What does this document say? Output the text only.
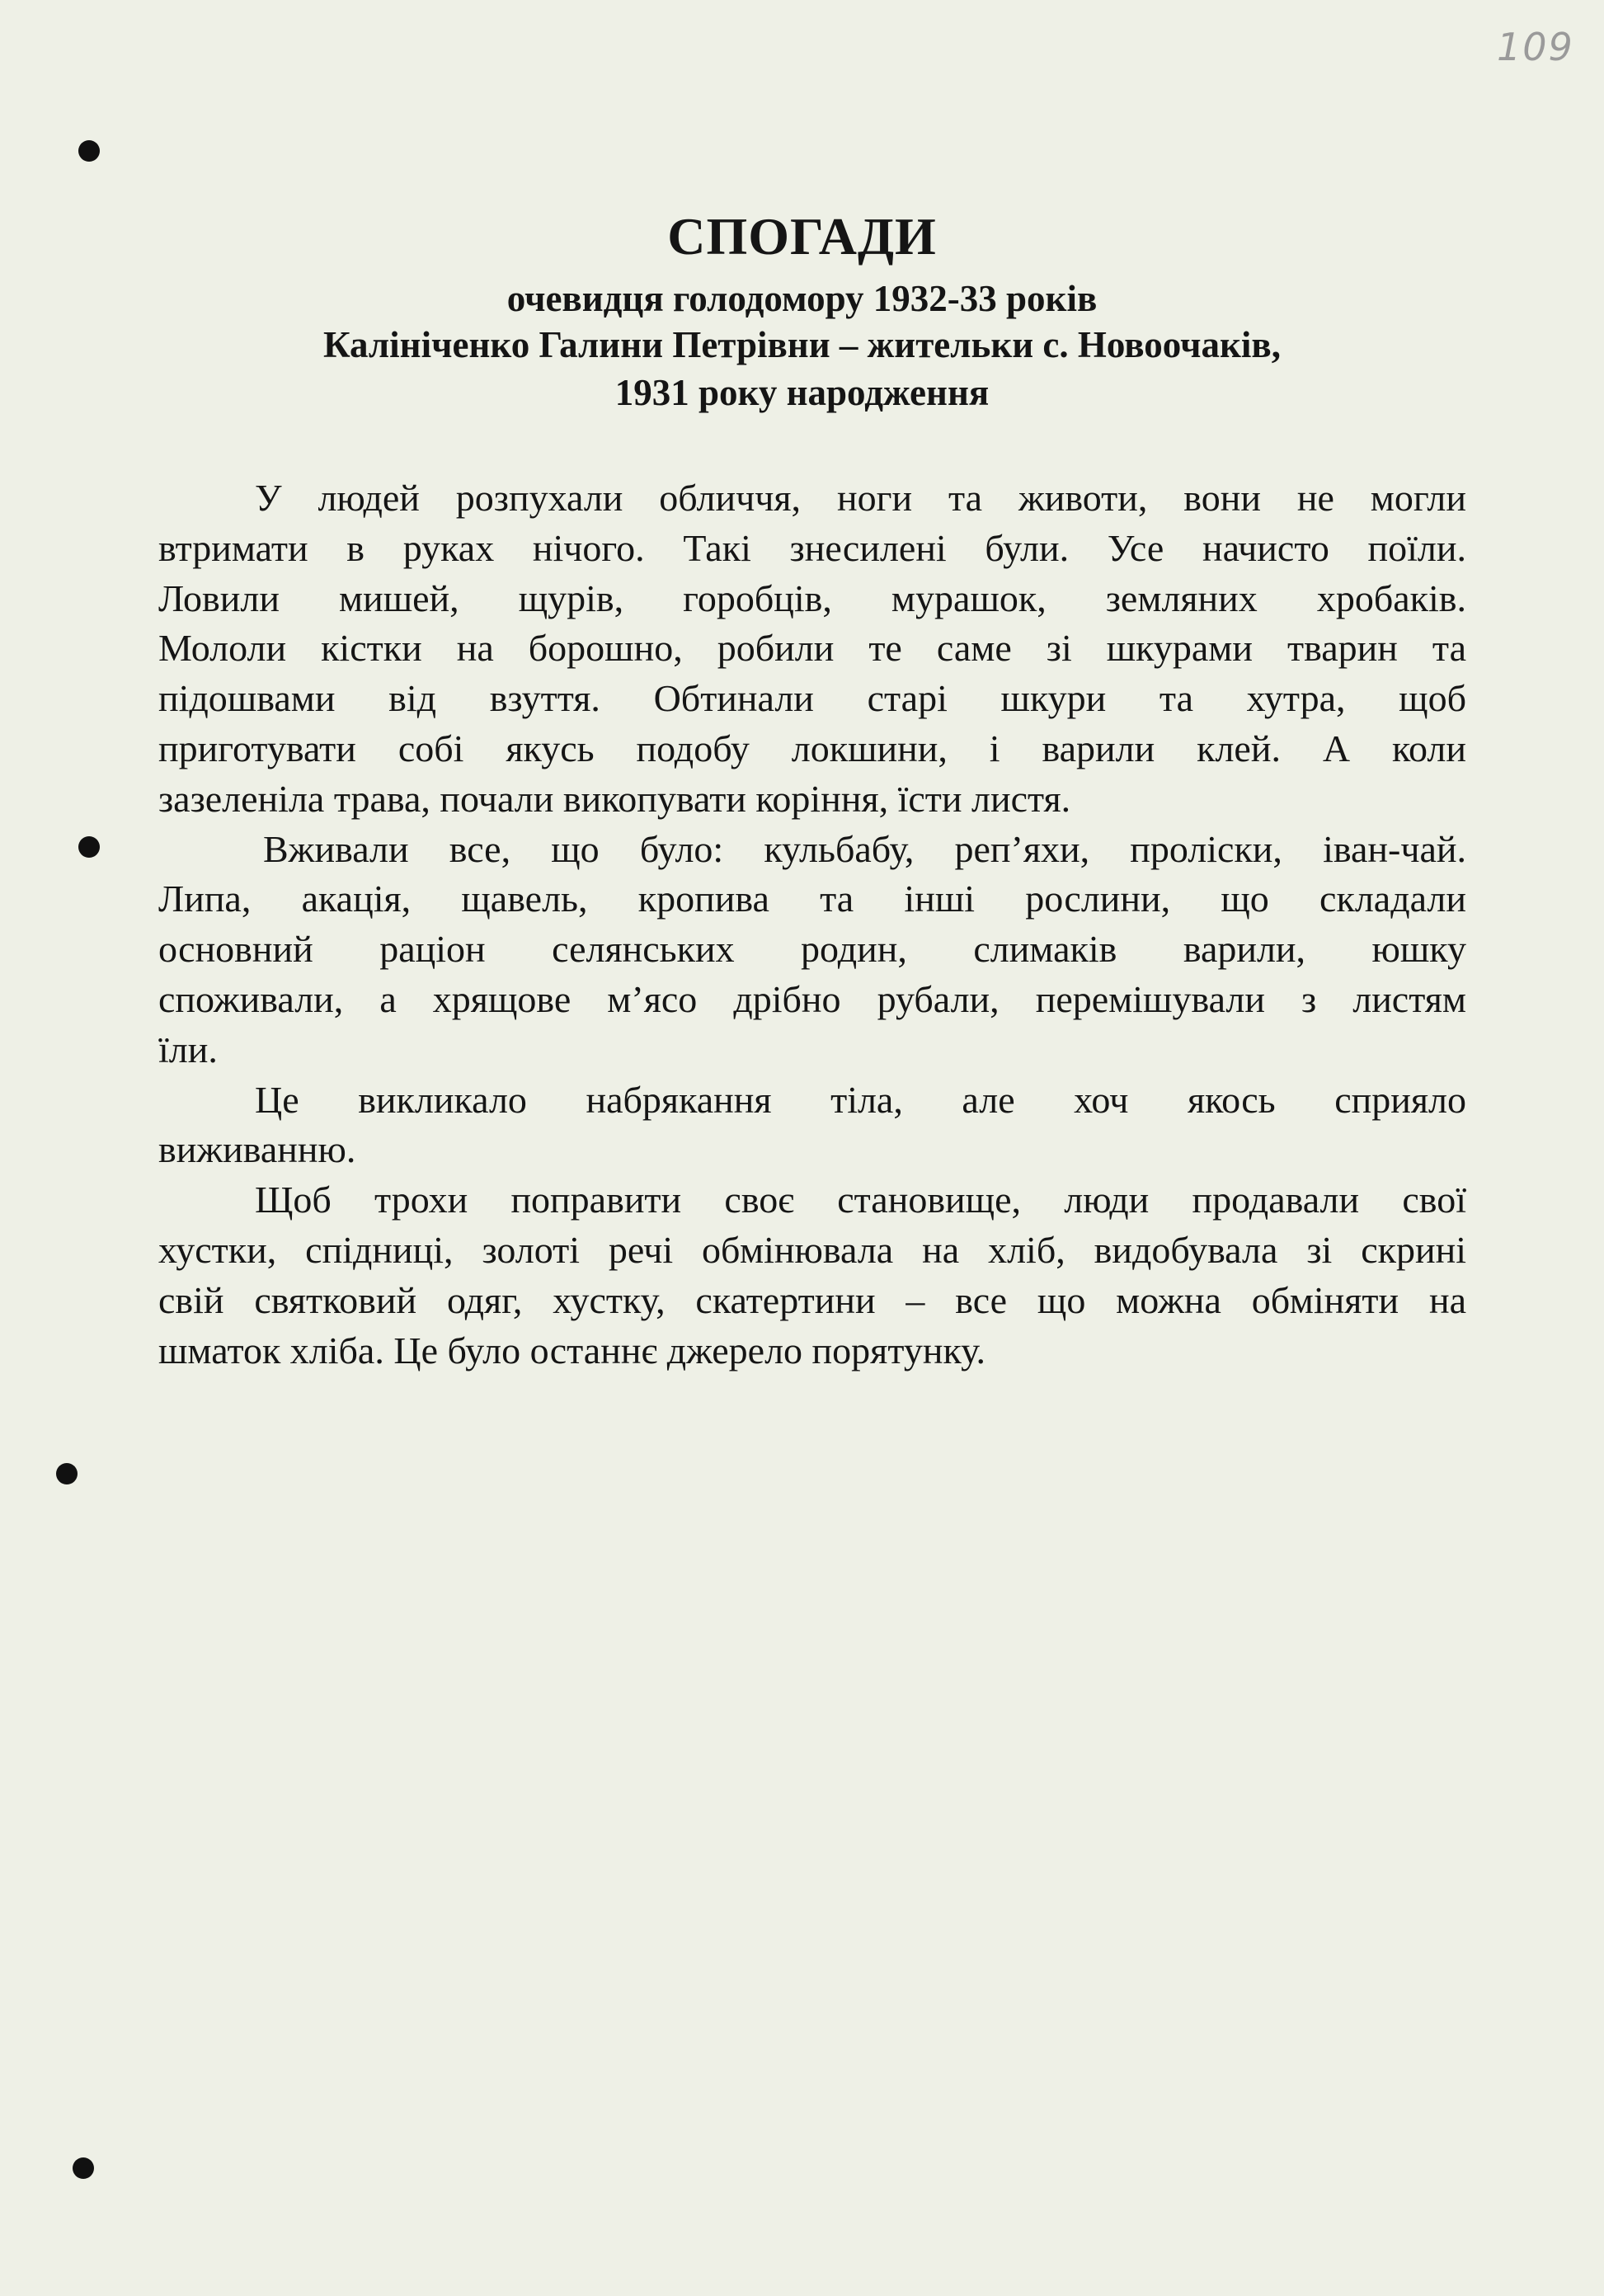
109
СПОГАДИ
очевидця голодомору 1932-33 років
Калініченко Галини Петрівни – жительки с. Новоочаків,
1931 року народження
У людей розпухали обличчя, ноги та животи, вони не могли
втримати в руках нічого. Такі знесилені були. Усе начисто поїли.
Ловили мишей, щурів, горобців, мурашок, земляних хробаків.
Мололи кістки на борошно, робили те саме зі шкурами тварин та
підошвами від взуття. Обтинали старі шкури та хутра, щоб
приготувати собі якусь подобу локшини, і варили клей. А коли
зазеленіла трава, почали викопувати коріння, їсти листя.
Вживали все, що було: кульбабу, реп’яхи, проліски, іван-чай.
Липа, акація, щавель, кропива та інші рослини, що складали
основний раціон селянських родин, слимаків варили, юшку
споживали, а хрящове м’ясо дрібно рубали, перемішували з листям
їли.
Це викликало набрякання тіла, але хоч якось сприяло
виживанню.
Щоб трохи поправити своє становище, люди продавали свої
хустки, спідниці, золоті речі обмінювала на хліб, видобувала зі скрині
свій святковий одяг, хустку, скатертини – все що можна обміняти на
шматок хліба. Це було останнє джерело порятунку.
